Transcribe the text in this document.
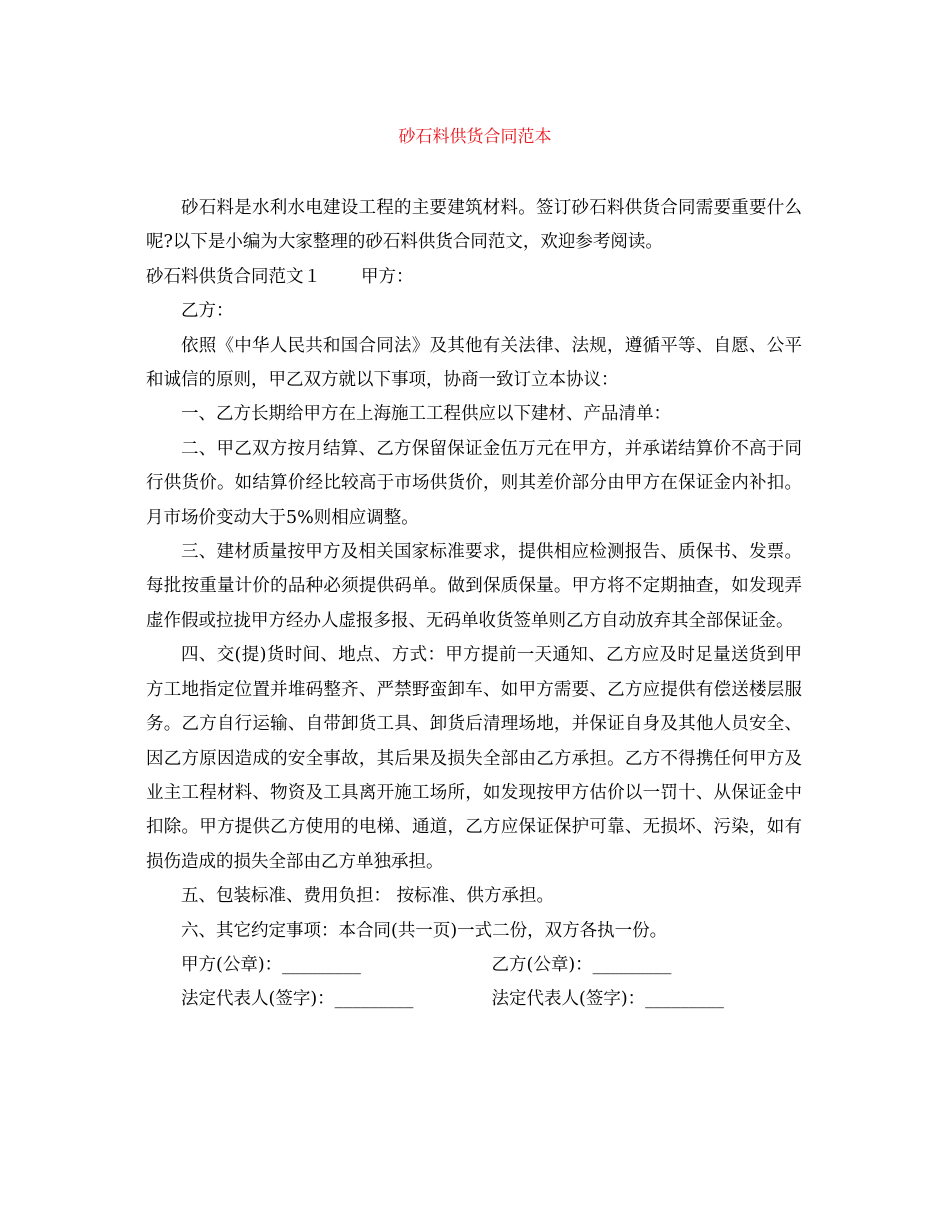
砂石料供货合同范本

砂石料是水利水电建设工程的主要建筑材料。签订砂石料供货合同需要重要什么呢?以下是小编为大家整理的砂石料供货合同范文，欢迎参考阅读。

砂石料供货合同范文１ 甲方：

乙方：

依照《中华人民共和国合同法》及其他有关法律、法规，遵循平等、自愿、公平和诚信的原则，甲乙双方就以下事项，协商一致订立本协议：

一、乙方长期给甲方在上海施工工程供应以下建材、产品清单：

二、甲乙双方按月结算、乙方保留保证金伍万元在甲方，并承诺结算价不高于同行供货价。如结算价经比较高于市场供货价，则其差价部分由甲方在保证金内补扣。月市场价变动大于5%则相应调整。

三、建材质量按甲方及相关国家标准要求，提供相应检测报告、质保书、发票。每批按重量计价的品种必须提供码单。做到保质保量。甲方将不定期抽查，如发现弄虚作假或拉拢甲方经办人虚报多报、无码单收货签单则乙方自动放弃其全部保证金。

四、交(提)货时间、地点、方式：甲方提前一天通知、乙方应及时足量送货到甲方工地指定位置并堆码整齐、严禁野蛮卸车、如甲方需要、乙方应提供有偿送楼层服务。乙方自行运输、自带卸货工具、卸货后清理场地，并保证自身及其他人员安全、因乙方原因造成的安全事故，其后果及损失全部由乙方承担。乙方不得携任何甲方及业主工程材料、物资及工具离开施工场所，如发现按甲方估价以一罚十、从保证金中扣除。甲方提供乙方使用的电梯、通道，乙方应保证保护可靠、无损坏、污染，如有损伤造成的损失全部由乙方单独承担。

五、包装标准、费用负担： 按标准、供方承担。

六、其它约定事项：本合同(共一页)一式二份，双方各执一份。

甲方(公章)：_________	乙方(公章)：_________
法定代表人(签字)：_________	法定代表人(签字)：_________
